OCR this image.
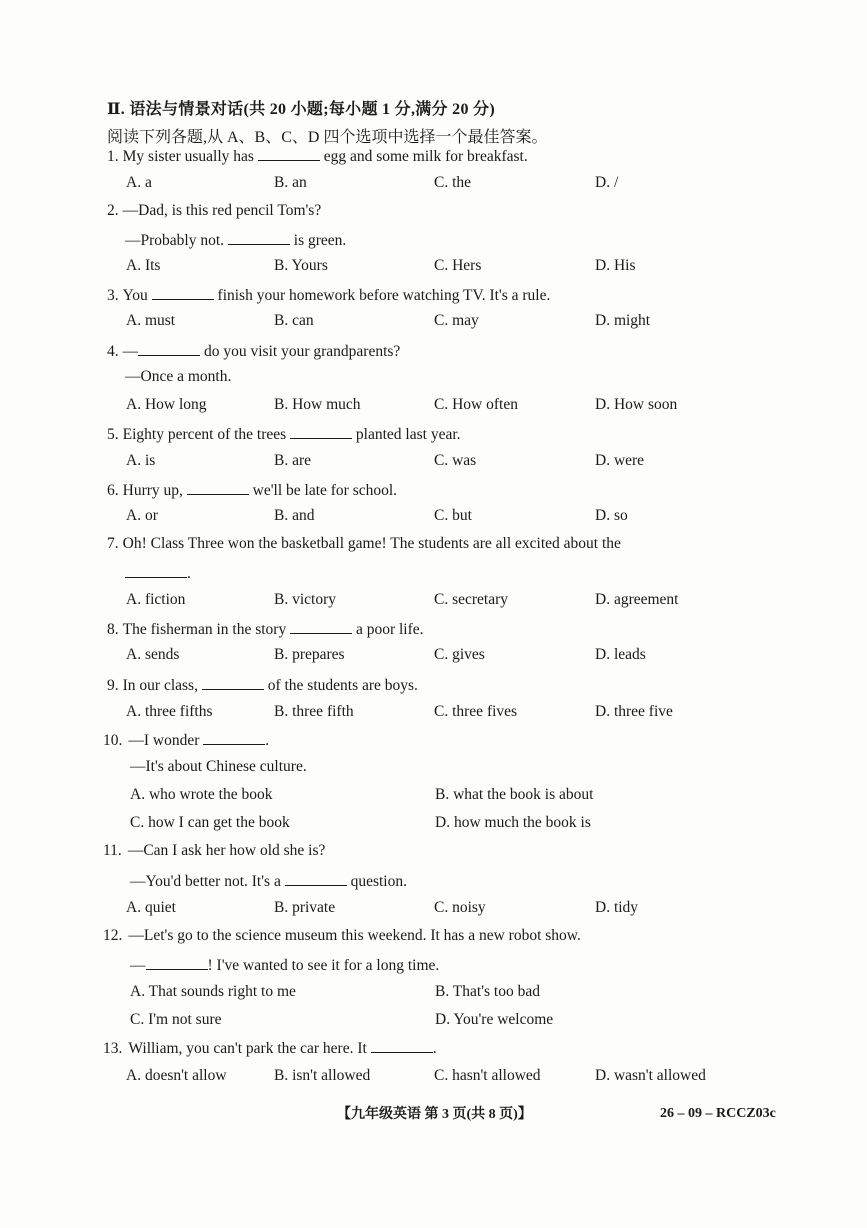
Ⅱ. 语法与情景对话(共 20 小题;每小题 1 分,满分 20 分)
阅读下列各题,从 A、B、C、D 四个选项中选择一个最佳答案。
1. My sister usually has	egg and some milk for breakfast.
A. a	B. an	C. the	D. /
2. —Dad, is this red pencil Tom's?
—Probably not.	is green.
A. Its	B. Yours	C. Hers	D. His
3. You	finish your homework before watching TV. It's a rule.
A. must	B. can	C. may	D. might
4. —	do you visit your grandparents?
—Once a month.
A. How long	B. How much	C. How often	D. How soon
5. Eighty percent of the trees	planted last year.
A. is	B. are	C. was	D. were
6. Hurry up,	we'll be late for school.
A. or	B. and	C. but	D. so
7. Oh! Class Three won the basketball game! The students are all excited about the
.
A. fiction	B. victory	C. secretary	D. agreement
8. The fisherman in the story	a poor life.
A. sends	B. prepares	C. gives	D. leads
9. In our class,	of the students are boys.
A. three fifths	B. three fifth	C. three fives	D. three five
10. —I wonder	.
—It's about Chinese culture.
A. who wrote the book	B. what the book is about
C. how I can get the book	D. how much the book is
11. —Can I ask her how old she is?
—You'd better not. It's a	question.
A. quiet	B. private	C. noisy	D. tidy
12. —Let's go to the science museum this weekend. It has a new robot show.
—	! I've wanted to see it for a long time.
A. That sounds right to me	B. That's too bad
C. I'm not sure	D. You're welcome
13. William, you can't park the car here. It	.
A. doesn't allow	B. isn't allowed	C. hasn't allowed	D. wasn't allowed
【九年级英语 第 3 页(共 8 页)】	26 – 09 – RCCZ03c
